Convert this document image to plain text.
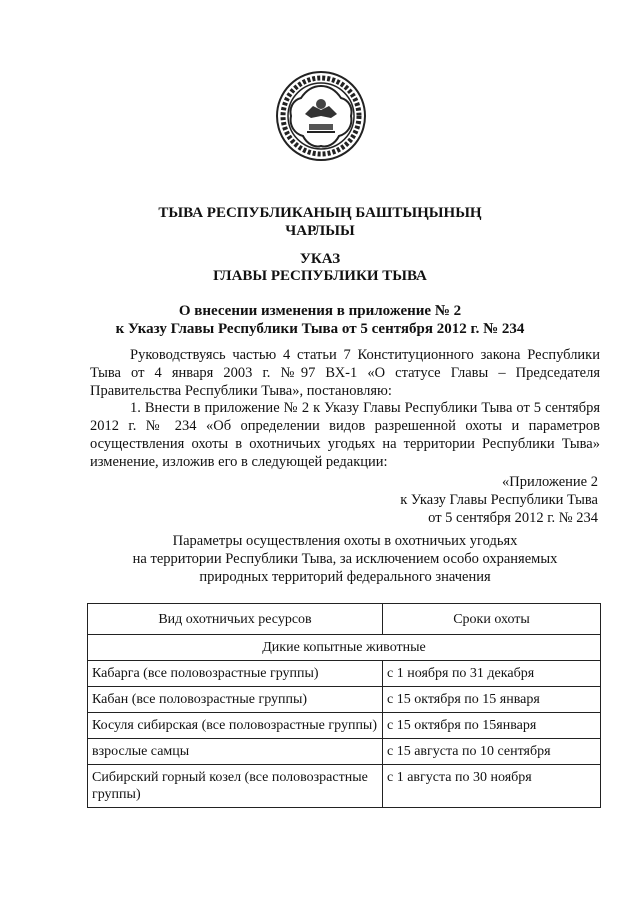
ТЫВА РЕСПУБЛИКАНЫҢ БАШТЫҢЫНЫҢ
ЧАРЛЫЫ
УКАЗ
ГЛАВЫ РЕСПУБЛИКИ ТЫВА
О внесении изменения в приложение № 2
к Указу Главы Республики Тыва от 5 сентября 2012 г. № 234
Руководствуясь частью 4 статьи 7 Конституционного закона Республики Тыва от 4 января 2003 г. №97 ВХ-1 «О статусе Главы – Председателя Правительства Республики Тыва», постановляю:
1. Внести в приложение № 2 к Указу Главы Республики Тыва от 5 сентября 2012 г. № 234 «Об определении видов разрешенной охоты и параметров осуществления охоты в охотничьих угодьях на территории Республики Тыва» изменение, изложив его в следующей редакции:
«Приложение 2
к Указу Главы Республики Тыва
от 5 сентября 2012 г. № 234
Параметры осуществления охоты в охотничьих угодьях
на территории Республики Тыва, за исключением особо охраняемых
природных территорий федерального значения
Вид охотничьих ресурсов	Сроки охоты
Дикие копытные животные	
Кабарга (все половозрастные группы)	с 1 ноября по 31 декабря
Кабан (все половозрастные группы)	с 15 октября по 15 января
Косуля сибирская (все половозрастные группы)	с 15 октября по 15января
взрослые самцы	с 15 августа по 10 сентября
Сибирский горный козел (все половозрастные группы)	с 1 августа по 30 ноября
